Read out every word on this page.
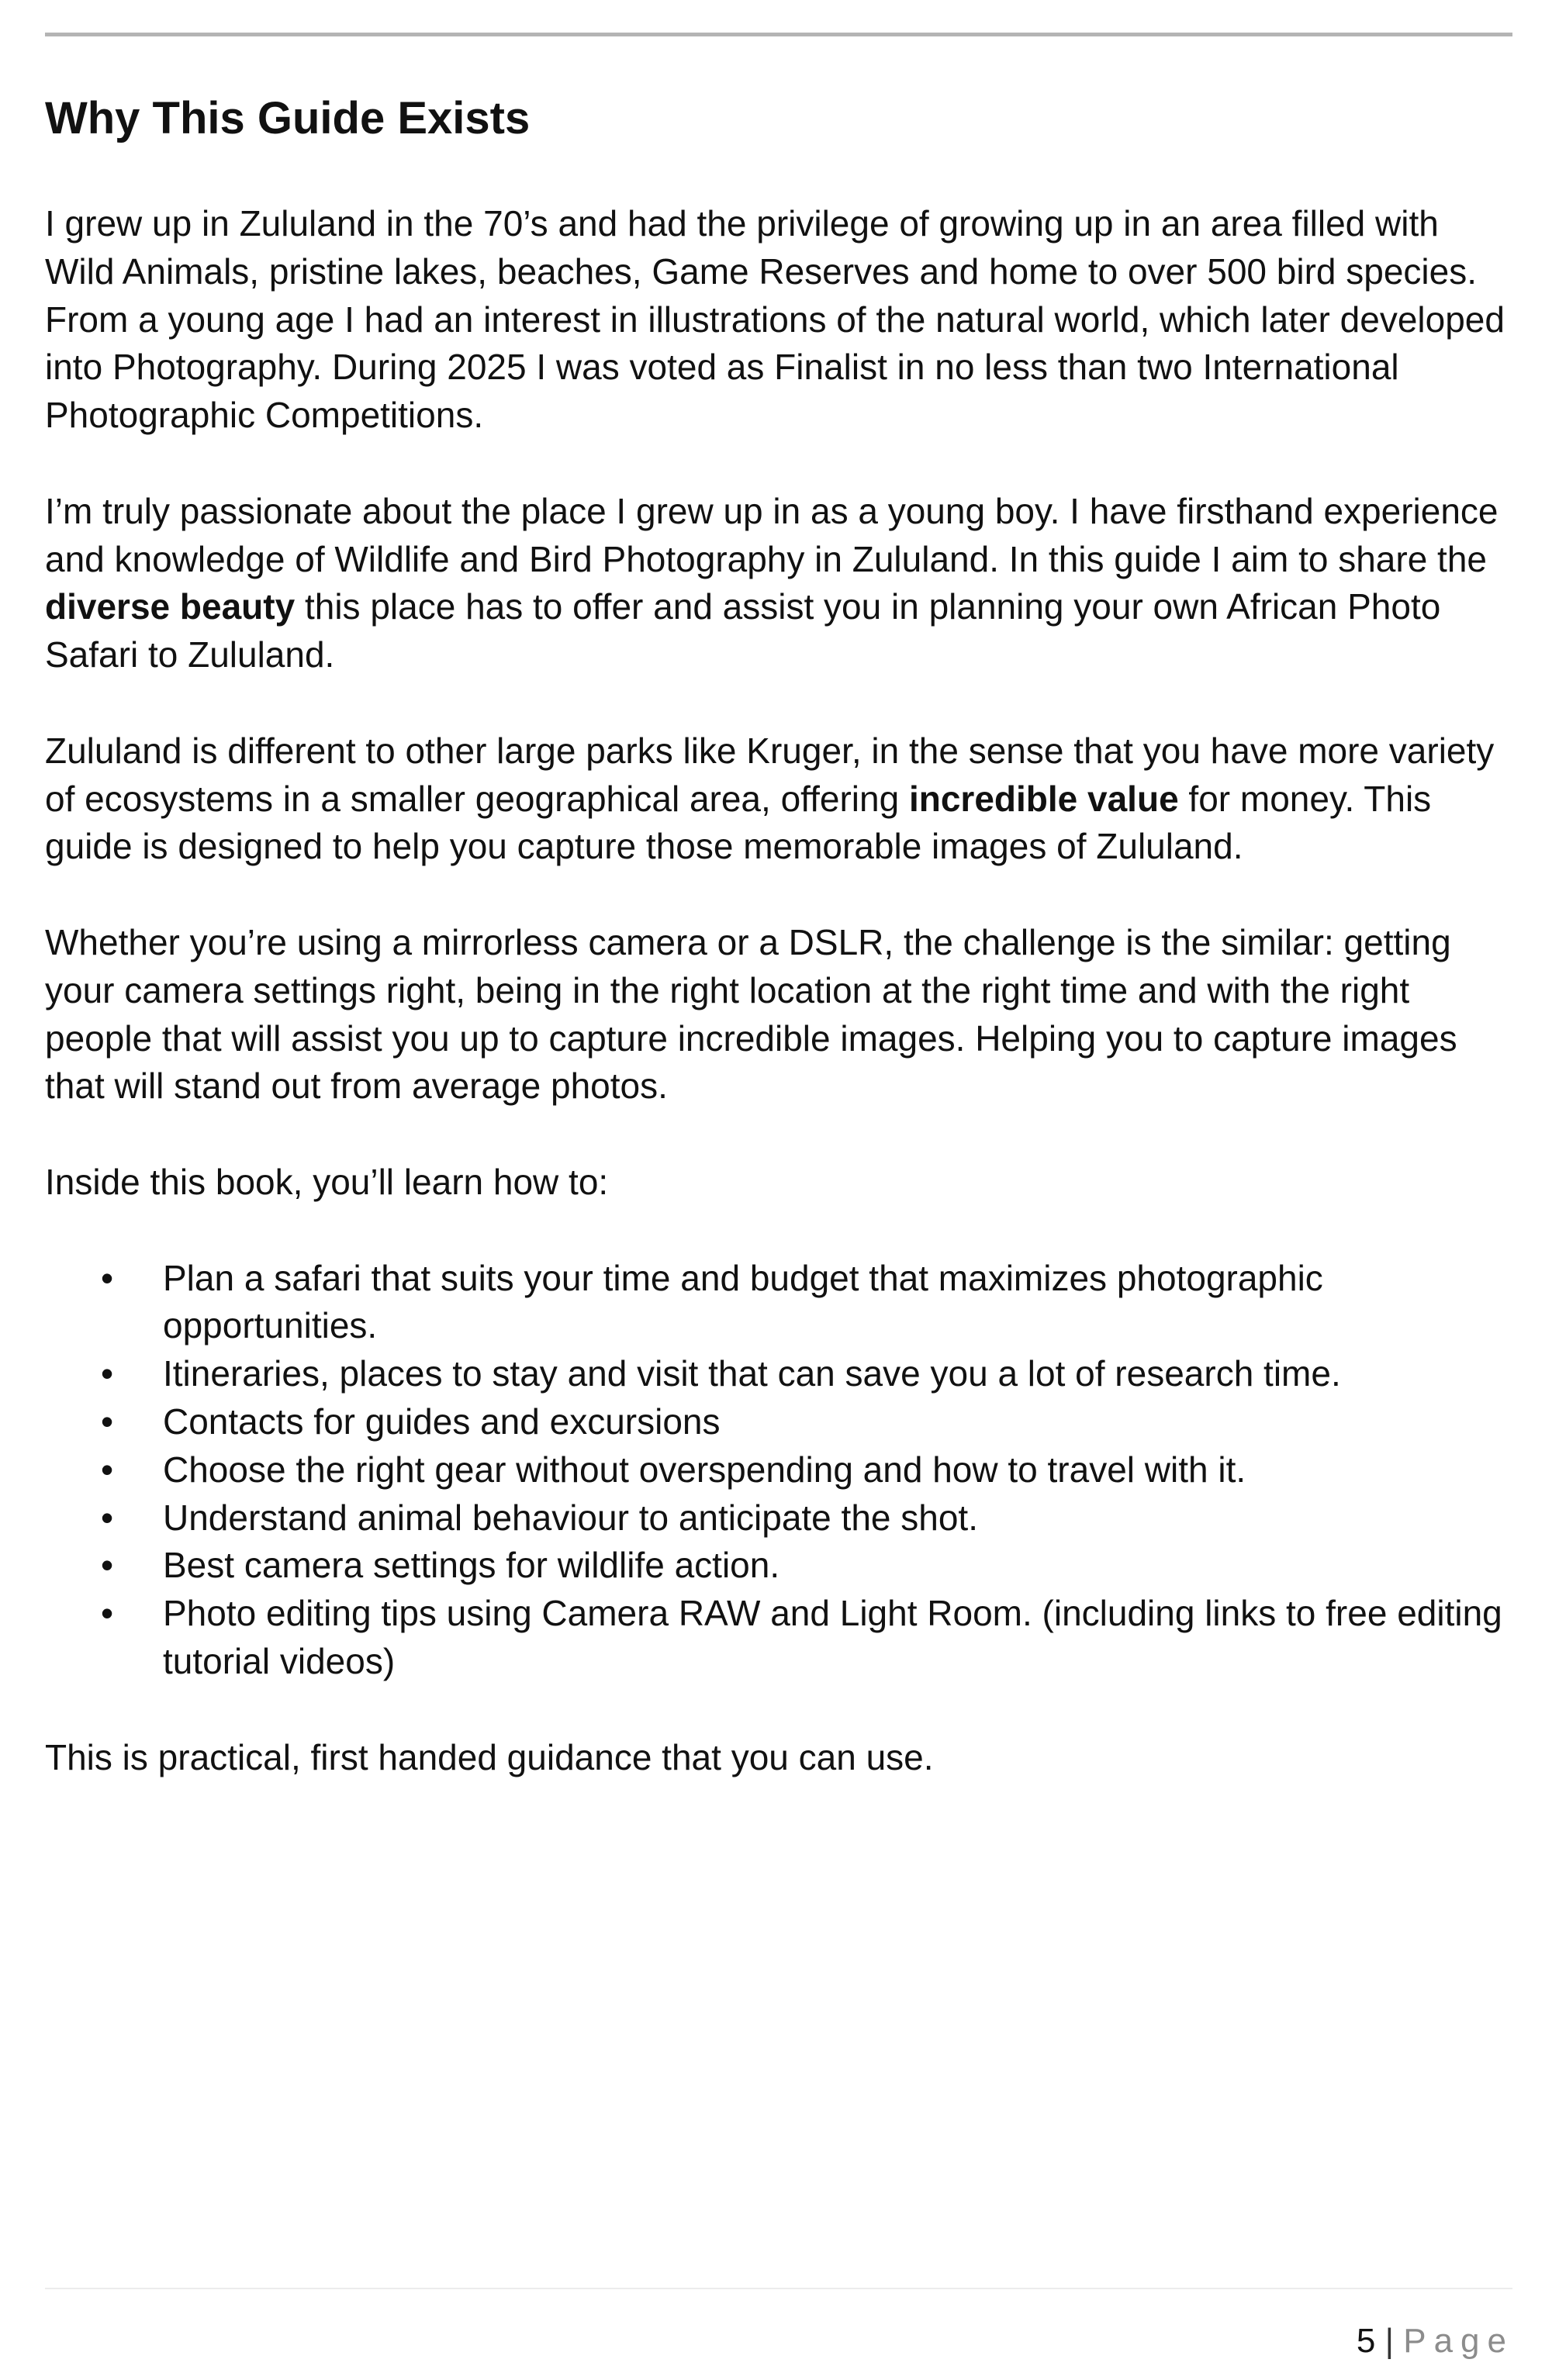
Why This Guide Exists

I grew up in Zululand in the 70’s and had the privilege of growing up in an area filled with Wild Animals, pristine lakes, beaches, Game Reserves and home to over 500 bird species. From a young age I had an interest in illustrations of the natural world, which later developed into Photography. During 2025 I was voted as Finalist in no less than two International Photographic Competitions.

I’m truly passionate about the place I grew up in as a young boy. I have firsthand experience and knowledge of Wildlife and Bird Photography in Zululand. In this guide I aim to share the diverse beauty this place has to offer and assist you in planning your own African Photo Safari to Zululand.

Zululand is different to other large parks like Kruger, in the sense that you have more variety of ecosystems in a smaller geographical area, offering incredible value for money. This guide is designed to help you capture those memorable images of Zululand.

Whether you’re using a mirrorless camera or a DSLR, the challenge is the similar: getting your camera settings right, being in the right location at the right time and with the right people that will assist you up to capture incredible images. Helping you to capture images that will stand out from average photos.

Inside this book, you’ll learn how to:

• Plan a safari that suits your time and budget that maximizes photographic opportunities.
• Itineraries, places to stay and visit that can save you a lot of research time.
• Contacts for guides and excursions
• Choose the right gear without overspending and how to travel with it.
• Understand animal behaviour to anticipate the shot.
• Best camera settings for wildlife action.
• Photo editing tips using Camera RAW and Light Room. (including links to free editing tutorial videos)

This is practical, first handed guidance that you can use.

5 | Page
